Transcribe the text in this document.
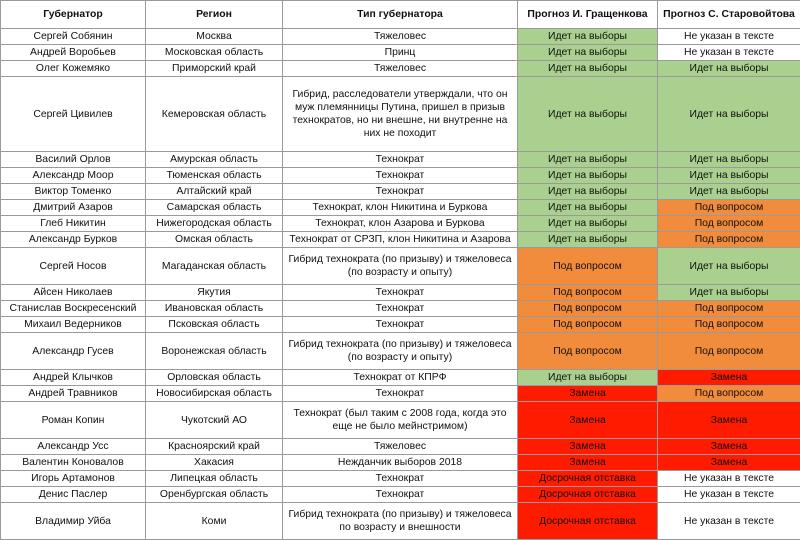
Губернатор	Регион	Тип губернатора	Прогноз И. Гращенкова	Прогноз С. Старовойтова
Сергей Собянин	Москва	Тяжеловес	Идет на выборы	Не указан в тексте
Андрей Воробьев	Московская область	Принц	Идет на выборы	Не указан в тексте
Олег Кожемяко	Приморский край	Тяжеловес	Идет на выборы	Идет на выборы
Сергей Цивилев	Кемеровская область	Гибрид, расследователи утверждали, что он муж племянницы Путина, пришел в призыв технократов, но ни внешне, ни внутренне на них не походит	Идет на выборы	Идет на выборы
Василий Орлов	Амурская область	Технократ	Идет на выборы	Идет на выборы
Александр Моор	Тюменская область	Технократ	Идет на выборы	Идет на выборы
Виктор Томенко	Алтайский край	Технократ	Идет на выборы	Идет на выборы
Дмитрий Азаров	Самарская область	Технократ, клон Никитина и Буркова	Идет на выборы	Под вопросом
Глеб Никитин	Нижегородская область	Технократ, клон Азарова и Буркова	Идет на выборы	Под вопросом
Александр Бурков	Омская область	Технократ от СРЗП, клон Никитина и Азарова	Идет на выборы	Под вопросом
Сергей Носов	Магаданская область	Гибрид технократа (по призыву) и тяжеловеса (по возрасту и опыту)	Под вопросом	Идет на выборы
Айсен Николаев	Якутия	Технократ	Под вопросом	Идет на выборы
Станислав Воскресенский	Ивановская область	Технократ	Под вопросом	Под вопросом
Михаил Ведерников	Псковская область	Технократ	Под вопросом	Под вопросом
Александр Гусев	Воронежская область	Гибрид технократа (по призыву) и тяжеловеса (по возрасту и опыту)	Под вопросом	Под вопросом
Андрей Клычков	Орловская область	Технократ от КПРФ	Идет на выборы	Замена
Андрей Травников	Новосибирская область	Технократ	Замена	Под вопросом
Роман Копин	Чукотский АО	Технократ (был таким с 2008 года, когда это еще не было мейнстримом)	Замена	Замена
Александр Усс	Красноярский край	Тяжеловес	Замена	Замена
Валентин Коновалов	Хакасия	Нежданчик выборов 2018	Замена	Замена
Игорь Артамонов	Липецкая область	Технократ	Досрочная отставка	Не указан в тексте
Денис Паслер	Оренбургская область	Технократ	Досрочная отставка	Не указан в тексте
Владимир Уйба	Коми	Гибрид технократа (по призыву) и тяжеловеса по возрасту и внешности	Досрочная отставка	Не указан в тексте
